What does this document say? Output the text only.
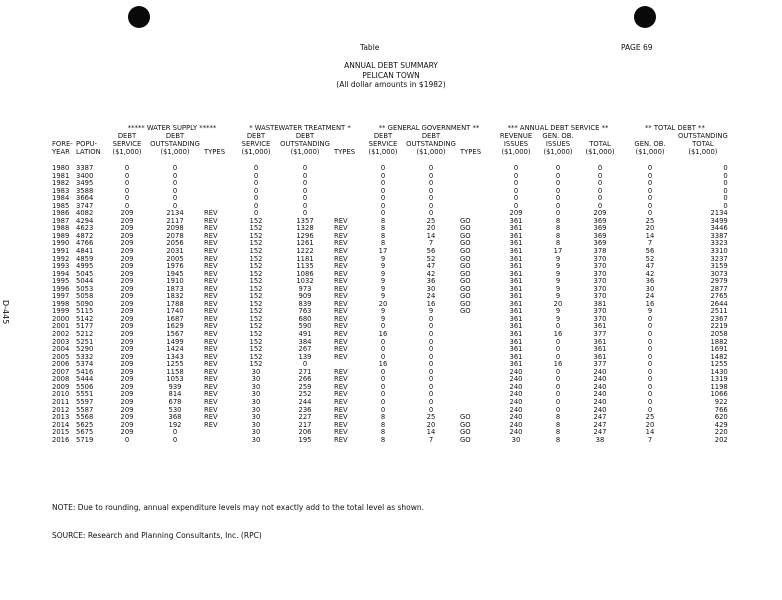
Table	PAGE 69
ANNUAL DEBT SUMMARY
PELICAN TOWN
(All dollar amounts in $1982)
D-445
		***** WATER SUPPLY *****			* WASTEWATER TREATMENT *			** GENERAL GOVERNMENT **			*** ANNUAL DEBT SERVICE **			** TOTAL DEBT **	
		DEBT	DEBT		DEBT	DEBT		DEBT	DEBT		REVENUE	GEN. OB.			OUTSTANDING
FORE-	POPU-	SERVICE	OUTSTANDING		SERVICE	OUTSTANDING		SERVICE	OUTSTANDING		ISSUES	ISSUES	TOTAL	GEN. OB.	TOTAL
YEAR	LATION	($1,000)	($1,000)	TYPES	($1,000)	($1,000)	TYPES	($1,000)	($1,000)	TYPES	($1,000)	($1,000)	($1,000)	($1,000)	($1,000)
1980	3387	0	0		0	0		0	0		0	0	0	0	0
1981	3400	0	0		0	0		0	0		0	0	0	0	0
1982	3495	0	0		0	0		0	0		0	0	0	0	0
1983	3588	0	0		0	0		0	0		0	0	0	0	0
1984	3664	0	0		0	0		0	0		0	0	0	0	0
1985	3747	0	0		0	0		0	0		0	0	0	0	0
1986	4082	209	2134	REV	0	0		0	0		209	0	209	0	2134
1987	4294	209	2117	REV	152	1357	REV	8	25	GO	361	8	369	25	3499
1988	4623	209	2098	REV	152	1328	REV	8	20	GO	361	8	369	20	3446
1989	4872	209	2078	REV	152	1296	REV	8	14	GO	361	8	369	14	3387
1990	4766	209	2056	REV	152	1261	REV	8	7	GO	361	8	369	7	3323
1991	4841	209	2031	REV	152	1222	REV	17	56	GO	361	17	378	56	3310
1992	4859	209	2005	REV	152	1181	REV	9	52	GO	361	9	370	52	3237
1993	4995	209	1976	REV	152	1135	REV	9	47	GO	361	9	370	47	3159
1994	5045	209	1945	REV	152	1086	REV	9	42	GO	361	9	370	42	3073
1995	5044	209	1910	REV	152	1032	REV	9	36	GO	361	9	370	36	2979
1996	5053	209	1873	REV	152	973	REV	9	30	GO	361	9	370	30	2877
1997	5058	209	1832	REV	152	909	REV	9	24	GO	361	9	370	24	2765
1998	5090	209	1788	REV	152	839	REV	20	16	GO	361	20	381	16	2644
1999	5115	209	1740	REV	152	763	REV	9	9	GO	361	9	370	9	2511
2000	5142	209	1687	REV	152	680	REV	9	0		361	9	370	0	2367
2001	5177	209	1629	REV	152	590	REV	0	0		361	0	361	0	2219
2002	5212	209	1567	REV	152	491	REV	16	0		361	16	377	0	2058
2003	5251	209	1499	REV	152	384	REV	0	0		361	0	361	0	1882
2004	5290	209	1424	REV	152	267	REV	0	0		361	0	361	0	1691
2005	5332	209	1343	REV	152	139	REV	0	0		361	0	361	0	1482
2006	5374	209	1255	REV	152	0		16	0		361	16	377	0	1255
2007	5416	209	1158	REV	30	271	REV	0	0		240	0	240	0	1430
2008	5444	209	1053	REV	30	266	REV	0	0		240	0	240	0	1319
2009	5506	209	939	REV	30	259	REV	0	0		240	0	240	0	1198
2010	5551	209	814	REV	30	252	REV	0	0		240	0	240	0	1066
2011	5597	209	678	REV	30	244	REV	0	0		240	0	240	0	922
2012	5587	209	530	REV	30	236	REV	0	0		240	0	240	0	766
2013	5568	209	368	REV	30	227	REV	8	25	GO	240	8	247	25	620
2014	5625	209	192	REV	30	217	REV	8	20	GO	240	8	247	20	429
2015	5675	209	0		30	206	REV	8	14	GO	240	8	247	14	220
2016	5719	0	0		30	195	REV	8	7	GO	30	8	38	7	202
NOTE: Due to rounding, annual expenditure levels may not exactly add to the total level as shown.
SOURCE: Research and Planning Consultants, Inc. (RPC)
